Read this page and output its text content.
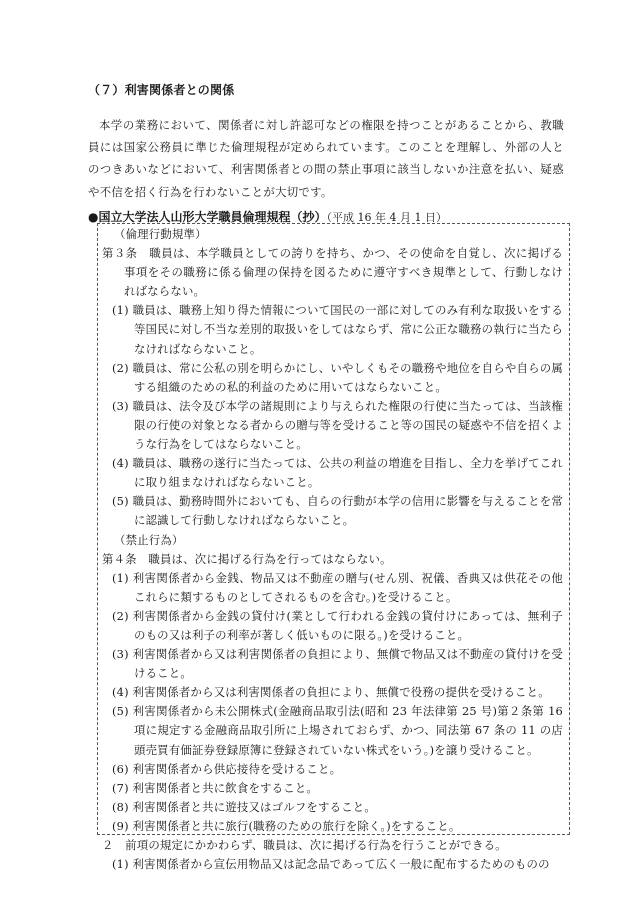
（７）利害関係者との関係

本学の業務において、関係者に対し許認可などの権限を持つことがあることから、教職員には国家公務員に準じた倫理規程が定められています。このことを理解し、外部の人とのつきあいなどにおいて、利害関係者との間の禁止事項に該当しないか注意を払い、疑惑や不信を招く行為を行わないことが大切です。

●国立大学法人山形大学職員倫理規程（抄）（平成 16 年 4 月 1 日）

（倫理行動規準）

第３条　職員は、本学職員としての誇りを持ち、かつ、その使命を自覚し、次に掲げる事項をその職務に係る倫理の保持を図るために遵守すべき規準として、行動しなければならない。

(1) 職員は、職務上知り得た情報について国民の一部に対してのみ有利な取扱いをする等国民に対し不当な差別的取扱いをしてはならず、常に公正な職務の執行に当たらなければならないこと。

(2) 職員は、常に公私の別を明らかにし、いやしくもその職務や地位を自らや自らの属する組織のための私的利益のために用いてはならないこと。

(3) 職員は、法令及び本学の諸規則により与えられた権限の行使に当たっては、当該権限の行使の対象となる者からの贈与等を受けること等の国民の疑惑や不信を招くような行為をしてはならないこと。

(4) 職員は、職務の遂行に当たっては、公共の利益の増進を目指し、全力を挙げてこれに取り組まなければならないこと。

(5) 職員は、勤務時間外においても、自らの行動が本学の信用に影響を与えることを常に認識して行動しなければならないこと。

（禁止行為）

第４条　職員は、次に掲げる行為を行ってはならない。

(1) 利害関係者から金銭、物品又は不動産の贈与(せん別、祝儀、香典又は供花その他これらに類するものとしてされるものを含む。)を受けること。

(2) 利害関係者から金銭の貸付け(業として行われる金銭の貸付けにあっては、無利子のもの又は利子の利率が著しく低いものに限る。)を受けること。

(3) 利害関係者から又は利害関係者の負担により、無償で物品又は不動産の貸付けを受けること。

(4) 利害関係者から又は利害関係者の負担により、無償で役務の提供を受けること。

(5) 利害関係者から未公開株式(金融商品取引法(昭和 23 年法律第 25 号)第２条第 16 項に規定する金融商品取引所に上場されておらず、かつ、同法第 67 条の 11 の店頭売買有価証券登録原簿に登録されていない株式をいう。)を譲り受けること。

(6) 利害関係者から供応接待を受けること。

(7) 利害関係者と共に飲食をすること。

(8) 利害関係者と共に遊技又はゴルフをすること。

(9) 利害関係者と共に旅行(職務のための旅行を除く。)をすること。

２　前項の規定にかかわらず、職員は、次に掲げる行為を行うことができる。

(1) 利害関係者から宣伝用物品又は記念品であって広く一般に配布するためのものの
